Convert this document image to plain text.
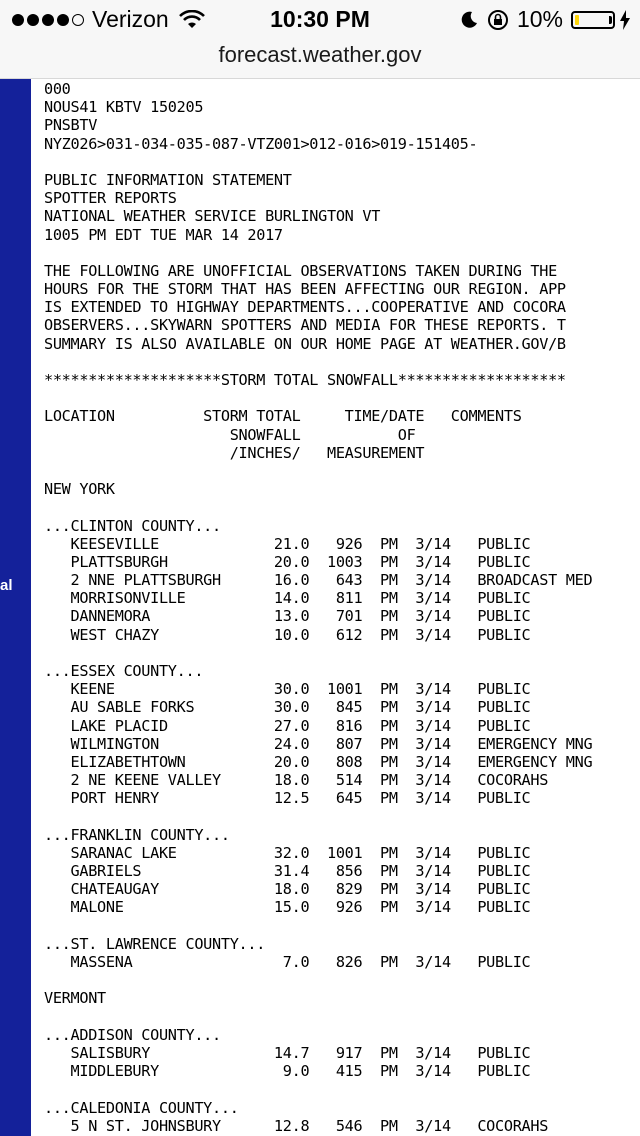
Verizon	10:30 PM	10%
forecast.weather.gov
al
000
NOUS41 KBTV 150205
PNSBTV
NYZ026>031-034-035-087-VTZ001>012-016>019-151405-
PUBLIC INFORMATION STATEMENT
SPOTTER REPORTS
NATIONAL WEATHER SERVICE BURLINGTON VT
1005 PM EDT TUE MAR 14 2017
THE FOLLOWING ARE UNOFFICIAL OBSERVATIONS TAKEN DURING THE
HOURS FOR THE STORM THAT HAS BEEN AFFECTING OUR REGION. APP
IS EXTENDED TO HIGHWAY DEPARTMENTS...COOPERATIVE AND COCORA
OBSERVERS...SKYWARN SPOTTERS AND MEDIA FOR THESE REPORTS. T
SUMMARY IS ALSO AVAILABLE ON OUR HOME PAGE AT WEATHER.GOV/B
********************STORM TOTAL SNOWFALL*******************
LOCATION          STORM TOTAL     TIME/DATE   COMMENTS
SNOWFALL           OF
/INCHES/   MEASUREMENT
NEW YORK
...CLINTON COUNTY...
KEESEVILLE             21.0   926  PM  3/14   PUBLIC
PLATTSBURGH            20.0  1003  PM  3/14   PUBLIC
2 NNE PLATTSBURGH      16.0   643  PM  3/14   BROADCAST MED
MORRISONVILLE          14.0   811  PM  3/14   PUBLIC
DANNEMORA              13.0   701  PM  3/14   PUBLIC
WEST CHAZY             10.0   612  PM  3/14   PUBLIC
...ESSEX COUNTY...
KEENE                  30.0  1001  PM  3/14   PUBLIC
AU SABLE FORKS         30.0   845  PM  3/14   PUBLIC
LAKE PLACID            27.0   816  PM  3/14   PUBLIC
WILMINGTON             24.0   807  PM  3/14   EMERGENCY MNG
ELIZABETHTOWN          20.0   808  PM  3/14   EMERGENCY MNG
2 NE KEENE VALLEY      18.0   514  PM  3/14   COCORAHS
PORT HENRY             12.5   645  PM  3/14   PUBLIC
...FRANKLIN COUNTY...
SARANAC LAKE           32.0  1001  PM  3/14   PUBLIC
GABRIELS               31.4   856  PM  3/14   PUBLIC
CHATEAUGAY             18.0   829  PM  3/14   PUBLIC
MALONE                 15.0   926  PM  3/14   PUBLIC
...ST. LAWRENCE COUNTY...
MASSENA                 7.0   826  PM  3/14   PUBLIC
VERMONT
...ADDISON COUNTY...
SALISBURY              14.7   917  PM  3/14   PUBLIC
MIDDLEBURY              9.0   415  PM  3/14   PUBLIC
...CALEDONIA COUNTY...
5 N ST. JOHNSBURY      12.8   546  PM  3/14   COCORAHS
